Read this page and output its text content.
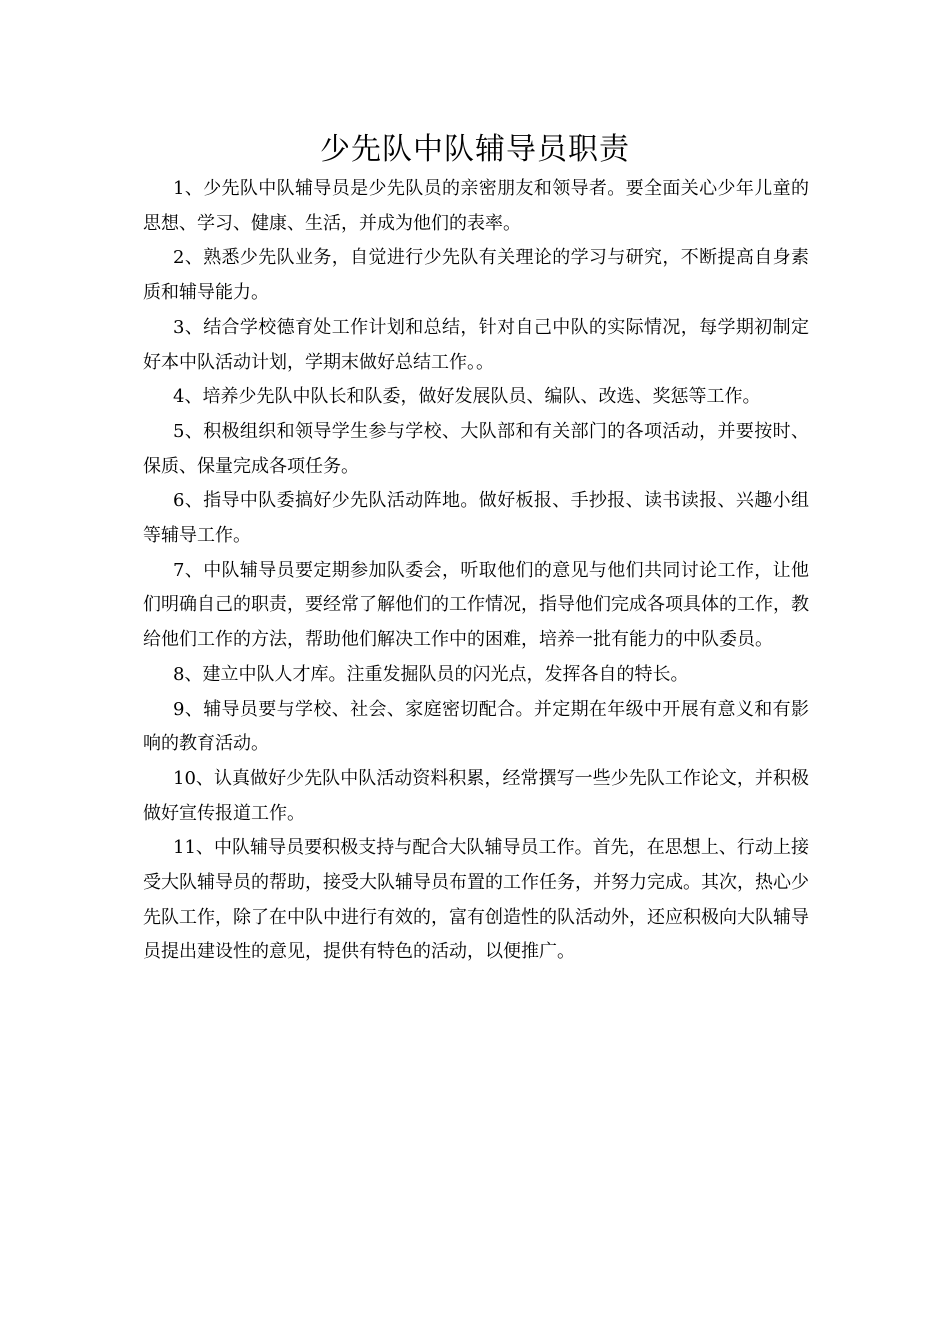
少先队中队辅导员职责

1、少先队中队辅导员是少先队员的亲密朋友和领导者。要全面关心少年儿童的思想、学习、健康、生活，并成为他们的表率。

2、熟悉少先队业务，自觉进行少先队有关理论的学习与研究，不断提高自身素质和辅导能力。

3、结合学校德育处工作计划和总结，针对自己中队的实际情况，每学期初制定好本中队活动计划，学期末做好总结工作。。

4、培养少先队中队长和队委，做好发展队员、编队、改选、奖惩等工作。

5、积极组织和领导学生参与学校、大队部和有关部门的各项活动，并要按时、保质、保量完成各项任务。

6、指导中队委搞好少先队活动阵地。做好板报、手抄报、读书读报、兴趣小组等辅导工作。

7、中队辅导员要定期参加队委会，听取他们的意见与他们共同讨论工作，让他们明确自己的职责，要经常了解他们的工作情况，指导他们完成各项具体的工作，教给他们工作的方法，帮助他们解决工作中的困难，培养一批有能力的中队委员。

8、建立中队人才库。注重发掘队员的闪光点，发挥各自的特长。

9、辅导员要与学校、社会、家庭密切配合。并定期在年级中开展有意义和有影响的教育活动。

10、认真做好少先队中队活动资料积累，经常撰写一些少先队工作论文，并积极做好宣传报道工作。

11、中队辅导员要积极支持与配合大队辅导员工作。首先，在思想上、行动上接受大队辅导员的帮助，接受大队辅导员布置的工作任务，并努力完成。其次，热心少先队工作，除了在中队中进行有效的，富有创造性的队活动外，还应积极向大队辅导员提出建设性的意见，提供有特色的活动，以便推广。
